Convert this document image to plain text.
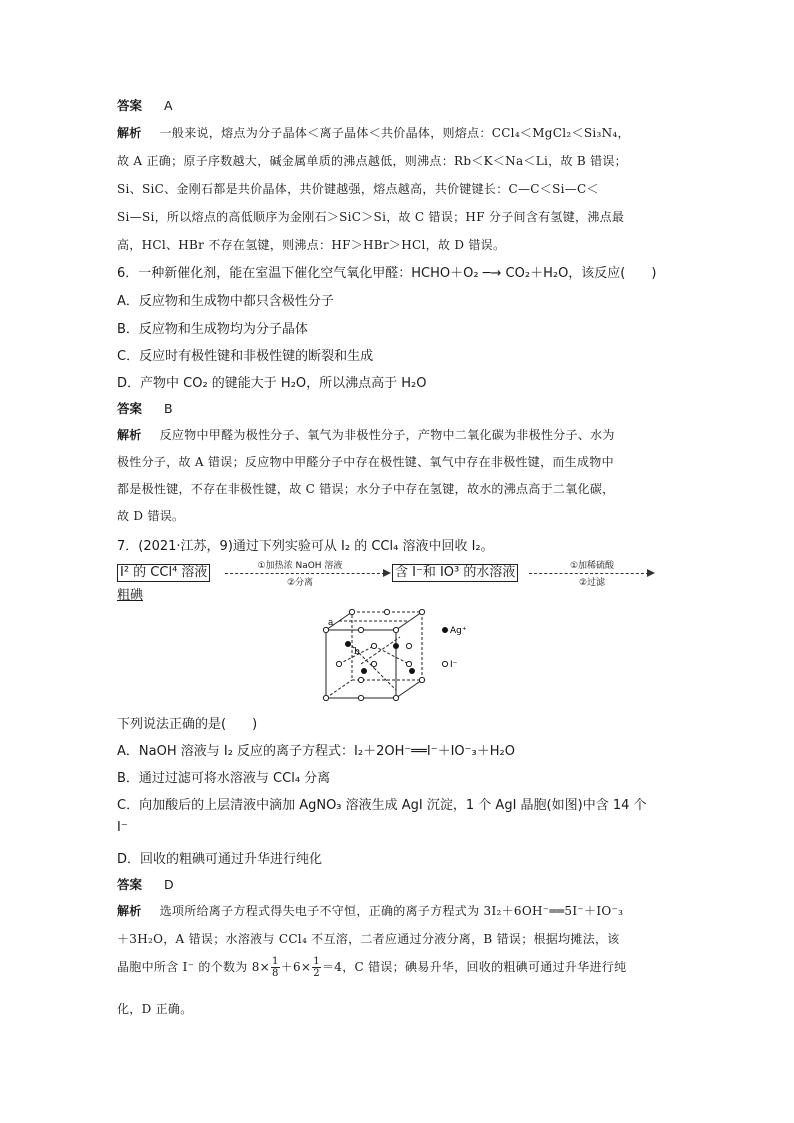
答案 A
解析 一般来说，熔点为分子晶体＜离子晶体＜共价晶体，则熔点：CCl₄＜MgCl₂＜Si₃N₄，
故 A 正确；原子序数越大，碱金属单质的沸点越低，则沸点：Rb＜K＜Na＜Li，故 B 错误；
Si、SiC、金刚石都是共价晶体，共价键越强，熔点越高，共价键键长：C—C＜Si—C＜
Si—Si，所以熔点的高低顺序为金刚石＞SiC＞Si，故 C 错误；HF 分子间含有氢键，沸点最
高，HCl、HBr 不存在氢键，则沸点：HF＞HBr＞HCl，故 D 错误。
6．一种新催化剂，能在室温下催化空气氧化甲醛：HCHO＋O₂ ─→ CO₂＋H₂O，该反应(　　)
A．反应物和生成物中都只含极性分子
B．反应物和生成物均为分子晶体
C．反应时有极性键和非极性键的断裂和生成
D．产物中 CO₂ 的键能大于 H₂O，所以沸点高于 H₂O
答案 B
解析 反应物中甲醛为极性分子、氧气为非极性分子，产物中二氧化碳为非极性分子、水为
极性分子，故 A 错误；反应物中甲醛分子中存在极性键、氧气中存在非极性键，而生成物中
都是极性键，不存在非极性键，故 C 错误；水分子中存在氢键，故水的沸点高于二氧化碳，
故 D 错误。
7．(2021·江苏，9)通过下列实验可从 I₂ 的 CCl₄ 溶液中回收 I₂。
I² 的 CCl⁴ 溶液	①加热浓 NaOH 溶液
②分离
含 I⁻和 IO³ 的水溶液	①加稀硫酸
②过滤
粗碘
a
b
Ag⁺
I⁻
下列说法正确的是(　　)
A．NaOH 溶液与 I₂ 反应的离子方程式：I₂＋2OH⁻══I⁻＋IO⁻₃＋H₂O
B．通过过滤可将水溶液与 CCl₄ 分离
C．向加酸后的上层清液中滴加 AgNO₃ 溶液生成 AgI 沉淀，1 个 AgI 晶胞(如图)中含 14 个
I⁻
D．回收的粗碘可通过升华进行纯化
答案 D
解析 选项所给离子方程式得失电子不守恒，正确的离子方程式为 3I₂＋6OH⁻══5I⁻＋IO⁻₃
＋3H₂O，A 错误；水溶液与 CCl₄ 不互溶，二者应通过分液分离，B 错误；根据均摊法，该
晶胞中所含 I⁻ 的个数为 $8\times \frac{1}{8} +6\times \frac{1}{2} =4$，C 错误；碘易升华，回收的粗碘可通过升华进行纯
化，D 正确。
